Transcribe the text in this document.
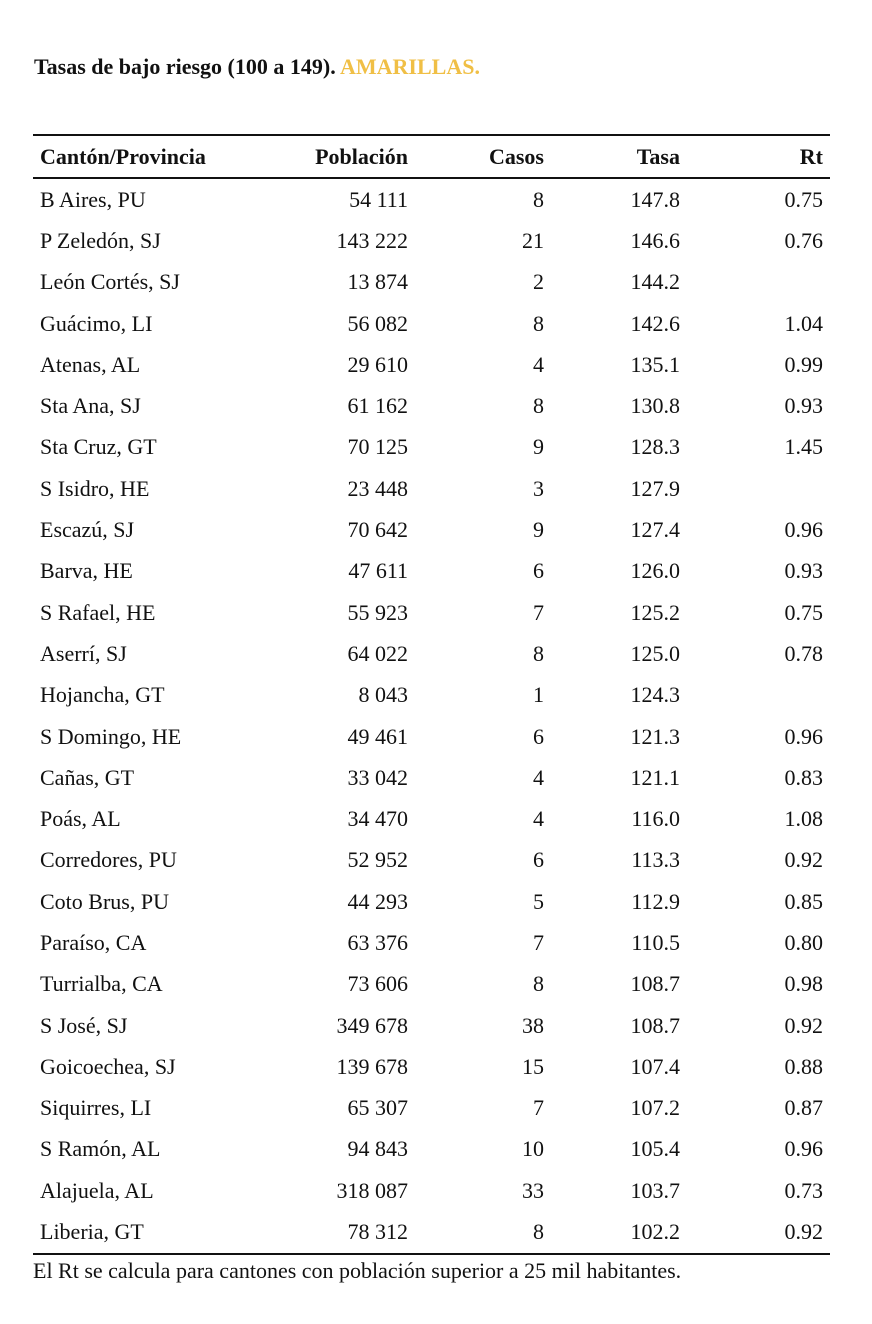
Tasas de bajo riesgo (100 a 149). AMARILLAS.
Cantón/Provincia	Población	Casos	Tasa	Rt
B Aires, PU	54 111	8	147.8	0.75
P Zeledón, SJ	143 222	21	146.6	0.76
León Cortés, SJ	13 874	2	144.2	
Guácimo, LI	56 082	8	142.6	1.04
Atenas, AL	29 610	4	135.1	0.99
Sta Ana, SJ	61 162	8	130.8	0.93
Sta Cruz, GT	70 125	9	128.3	1.45
S Isidro, HE	23 448	3	127.9	
Escazú, SJ	70 642	9	127.4	0.96
Barva, HE	47 611	6	126.0	0.93
S Rafael, HE	55 923	7	125.2	0.75
Aserrí, SJ	64 022	8	125.0	0.78
Hojancha, GT	8 043	1	124.3	
S Domingo, HE	49 461	6	121.3	0.96
Cañas, GT	33 042	4	121.1	0.83
Poás, AL	34 470	4	116.0	1.08
Corredores, PU	52 952	6	113.3	0.92
Coto Brus, PU	44 293	5	112.9	0.85
Paraíso, CA	63 376	7	110.5	0.80
Turrialba, CA	73 606	8	108.7	0.98
S José, SJ	349 678	38	108.7	0.92
Goicoechea, SJ	139 678	15	107.4	0.88
Siquirres, LI	65 307	7	107.2	0.87
S Ramón, AL	94 843	10	105.4	0.96
Alajuela, AL	318 087	33	103.7	0.73
Liberia, GT	78 312	8	102.2	0.92
El Rt se calcula para cantones con población superior a 25 mil habitantes.
